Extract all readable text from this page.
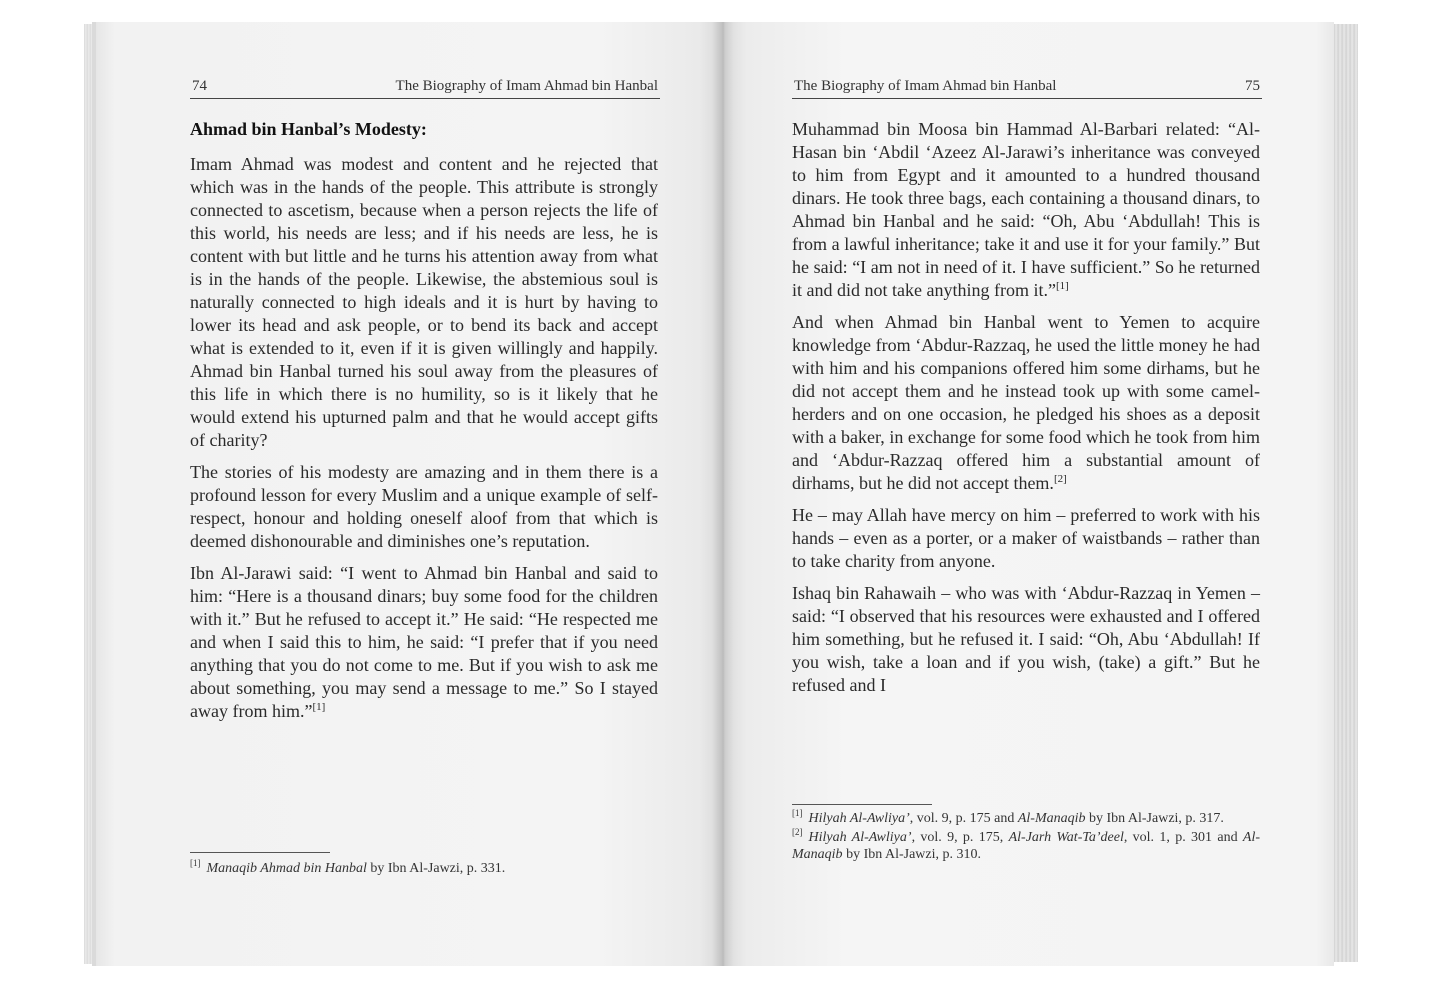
74	The Biography of Imam Ahmad bin Hanbal
Ahmad bin Hanbal’s Modesty:

Imam Ahmad was modest and content and he rejected that which was in the hands of the people. This attribute is strongly connected to ascetism, because when a person rejects the life of this world, his needs are less; and if his needs are less, he is content with but little and he turns his attention away from what is in the hands of the people. Likewise, the abstemious soul is naturally connected to high ideals and it is hurt by having to lower its head and ask people, or to bend its back and accept what is extended to it, even if it is given willingly and happily. Ahmad bin Hanbal turned his soul away from the pleasures of this life in which there is no humility, so is it likely that he would extend his upturned palm and that he would accept gifts of charity?

The stories of his modesty are amazing and in them there is a profound lesson for every Muslim and a unique example of self-respect, honour and holding oneself aloof from that which is deemed dishonourable and diminishes one’s reputation.

Ibn Al-Jarawi said: “I went to Ahmad bin Hanbal and said to him: “Here is a thousand dinars; buy some food for the children with it.” But he refused to accept it.” He said: “He respected me and when I said this to him, he said: “I prefer that if you need anything that you do not come to me. But if you wish to ask me about something, you may send a message to me.” So I stayed away from him.”[1]

[1] Manaqib Ahmad bin Hanbal by Ibn Al-Jawzi, p. 331.
The Biography of Imam Ahmad bin Hanbal	75

Muhammad bin Moosa bin Hammad Al-Barbari related: “Al-Hasan bin ‘Abdil ‘Azeez Al-Jarawi’s inheritance was conveyed to him from Egypt and it amounted to a hundred thousand dinars. He took three bags, each containing a thousand dinars, to Ahmad bin Hanbal and he said: “Oh, Abu ‘Abdullah! This is from a lawful inheritance; take it and use it for your family.” But he said: “I am not in need of it. I have sufficient.” So he returned it and did not take anything from it.”[1]

And when Ahmad bin Hanbal went to Yemen to acquire knowledge from ‘Abdur-Razzaq, he used the little money he had with him and his companions offered him some dirhams, but he did not accept them and he instead took up with some camel-herders and on one occasion, he pledged his shoes as a deposit with a baker, in exchange for some food which he took from him and ‘Abdur-Razzaq offered him a substantial amount of dirhams, but he did not accept them.[2]

He – may Allah have mercy on him – preferred to work with his hands – even as a porter, or a maker of waistbands – rather than to take charity from anyone.

Ishaq bin Rahawaih – who was with ‘Abdur-Razzaq in Yemen – said: “I observed that his resources were exhausted and I offered him something, but he refused it. I said: “Oh, Abu ‘Abdullah! If you wish, take a loan and if you wish, (take) a gift.” But he refused and I

[1] Hilyah Al-Awliya’, vol. 9, p. 175 and Al-Manaqib by Ibn Al-Jawzi, p. 317.
[2] Hilyah Al-Awliya’, vol. 9, p. 175, Al-Jarh Wat-Ta’deel, vol. 1, p. 301 and Al-Manaqib by Ibn Al-Jawzi, p. 310.
